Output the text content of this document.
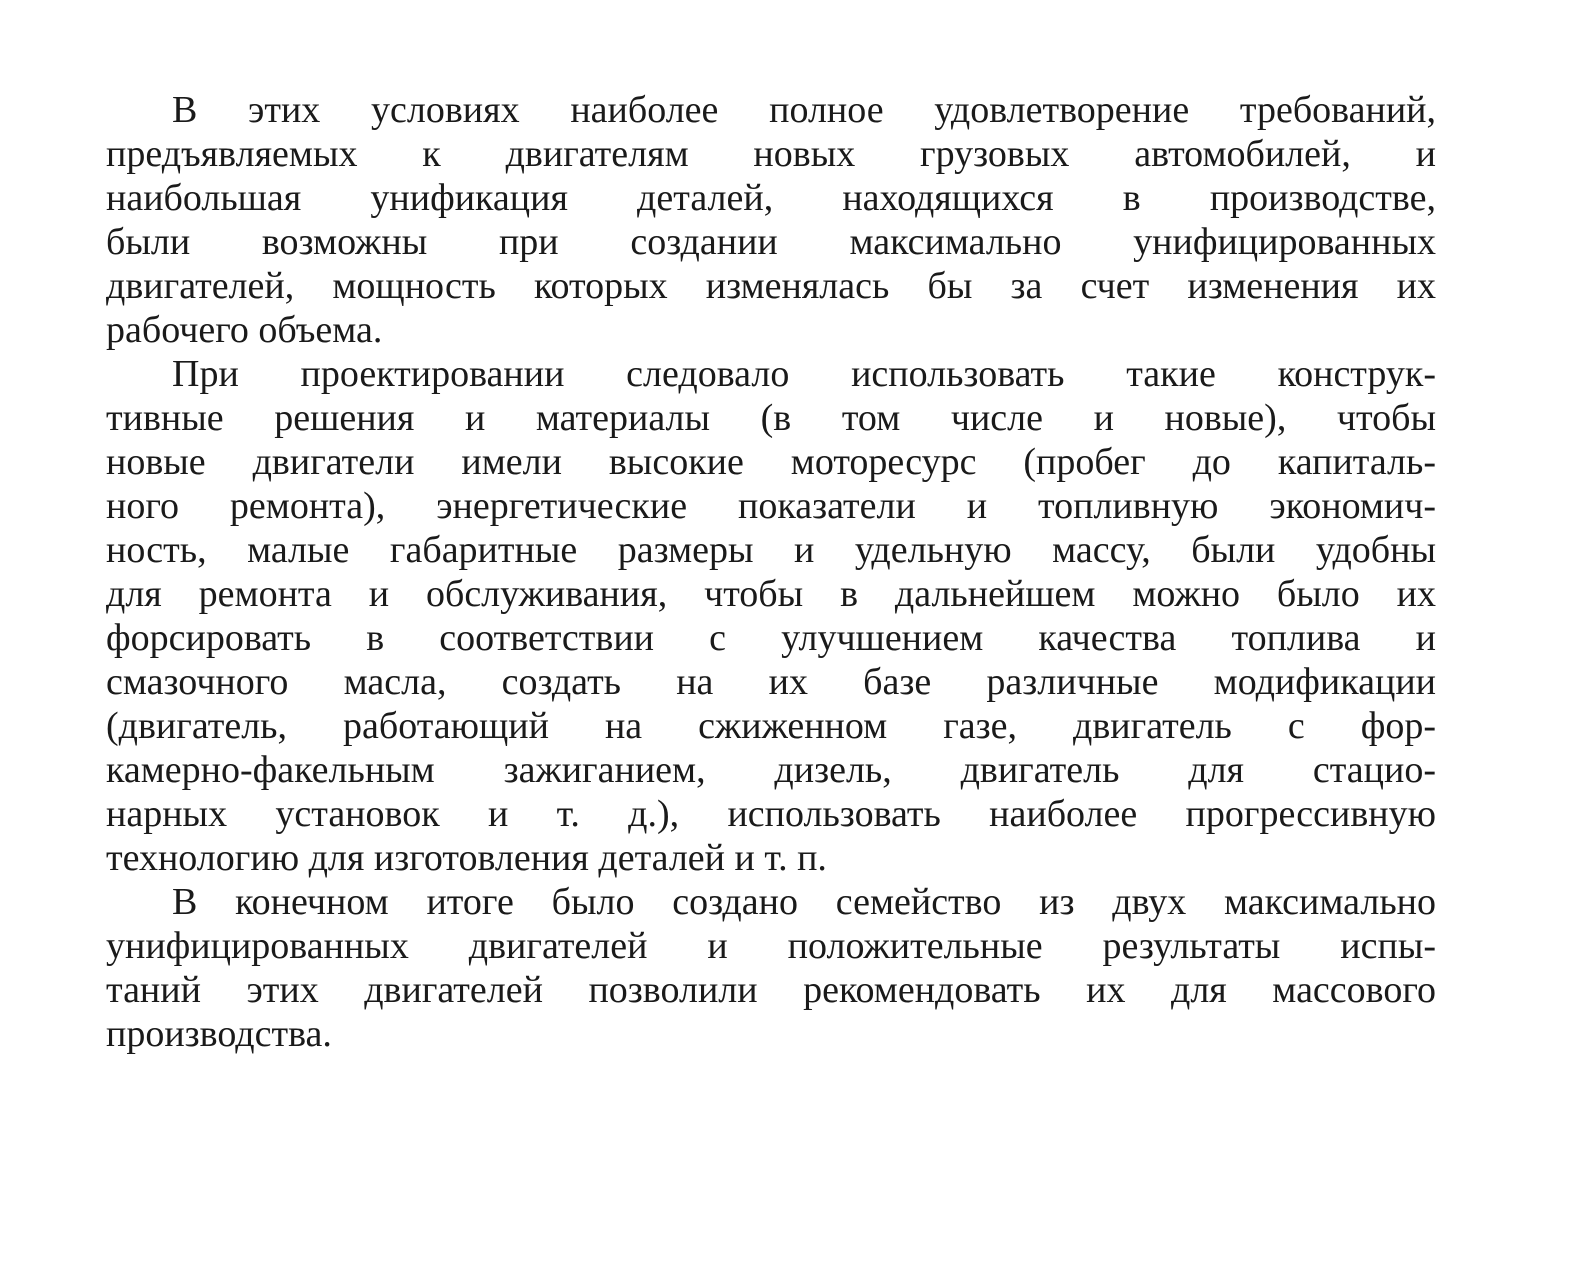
В этих условиях наиболее полное удовлетворение требований,
предъявляемых к двигателям новых грузовых автомобилей, и
наибольшая унификация деталей, находящихся в производстве,
были возможны при создании максимально унифицированных
двигателей, мощность которых изменялась бы за счет изменения их
рабочего объема.
При проектировании следовало использовать такие конструк-
тивные решения и материалы (в том числе и новые), чтобы
новые двигатели имели высокие моторесурс (пробег до капиталь-
ного ремонта), энергетические показатели и топливную экономич-
ность, малые габаритные размеры и удельную массу, были удобны
для ремонта и обслуживания, чтобы в дальнейшем можно было их
форсировать в соответствии с улучшением качества топлива и
смазочного масла, создать на их базе различные модификации
(двигатель, работающий на сжиженном газе, двигатель с фор-
камерно-факельным зажиганием, дизель, двигатель для стацио-
нарных установок и т. д.), использовать наиболее прогрессивную
технологию для изготовления деталей и т. п.
В конечном итоге было создано семейство из двух максимально
унифицированных двигателей и положительные результаты испы-
таний этих двигателей позволили рекомендовать их для массового
производства.
